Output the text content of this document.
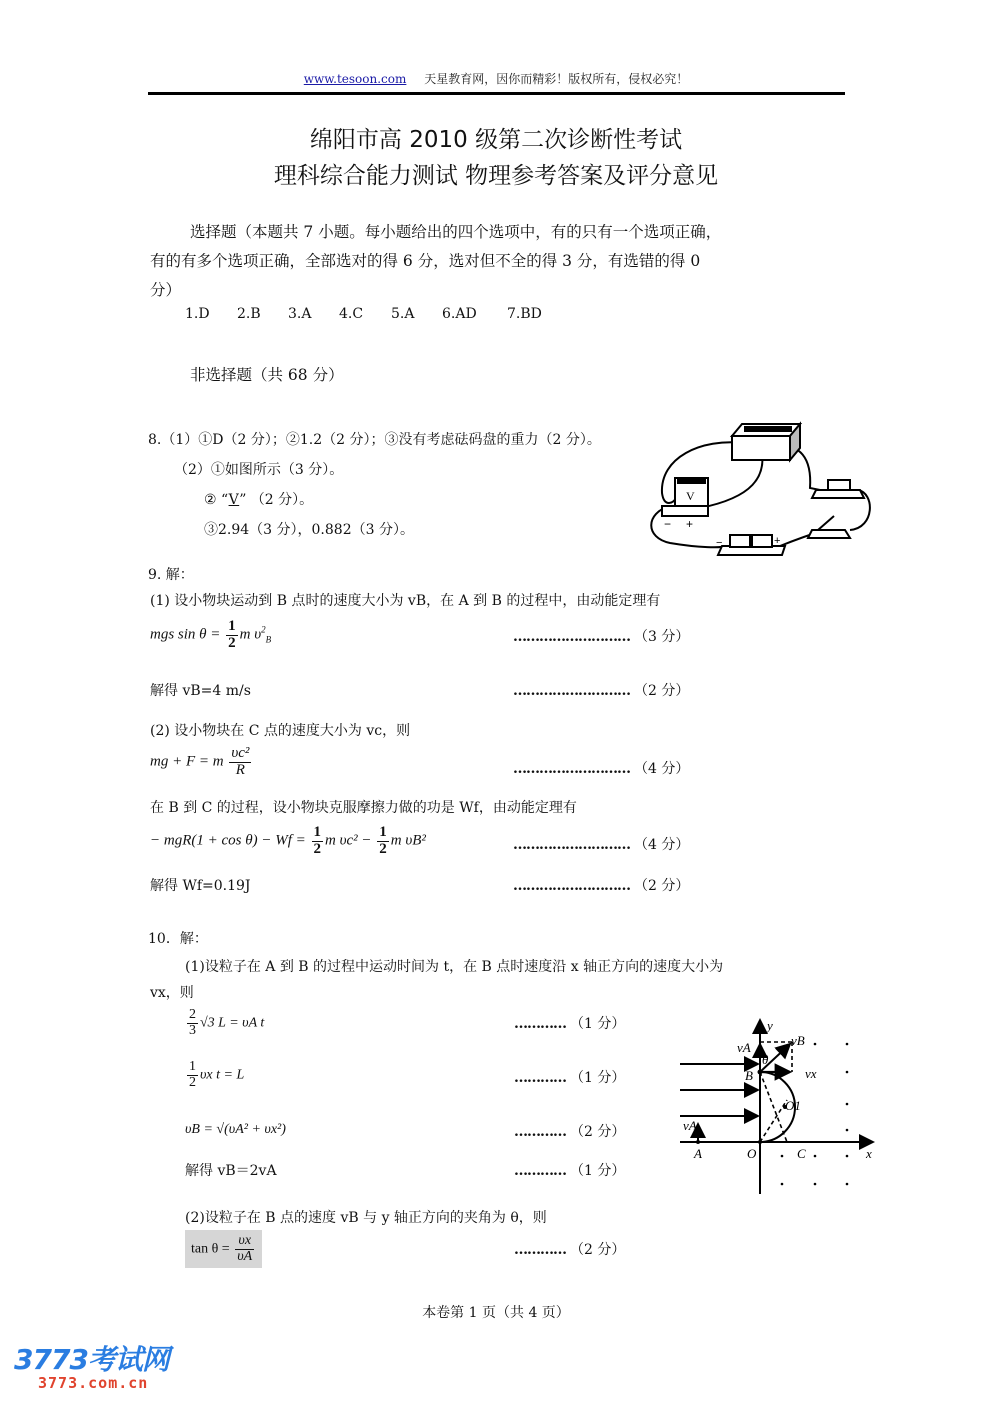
www.tesoon.com 天星教育网，因你而精彩！版权所有，侵权必究！
绵阳市高 2010 级第二次诊断性考试
理科综合能力测试 物理参考答案及评分意见
选择题（本题共 7 小题。每小题给出的四个选项中，有的只有一个选项正确，
有的有多个选项正确，全部选对的得 6 分，选对但不全的得 3 分，有选错的得 0
分）
1.D	2.B	3.A	4.C	5.A	6.AD	7.BD
非选择题（共 68 分）
8.（1）①D（2 分）；②1.2（2 分）；③没有考虑砝码盘的重力（2 分）。
（2）①如图所示（3 分）。
② “V” （2 分）。
③2.94（3 分），0.882（3 分）。
V
− +
−	+
9. 解：
(1) 设小物块运动到 B 点时的速度大小为 vB，在 A 到 B 的过程中，由动能定理有
mgs $\sin \theta = \frac{1}{2}$ m $\upsilon^2_B$	……………………… （3 分）
解得 vB=4 m/s	……………………… （2 分）
(2) 设小物块在 C 点的速度大小为 vc，则
mg + F = m $\frac{\text{υc²}}{R}$	……………………… （4 分）
在 B 到 C 的过程，设小物块克服摩擦力做的功是 Wf，由动能定理有
− $mgR(1 + \cos \theta) - Wf = \frac{1}{2}$ m $\upsilon c^2 - \frac{1}{2}$ m υB²	……………………… （4 分）
解得 Wf=0.19J	……………………… （2 分）
10．解：
(1)设粒子在 A 到 B 的过程中运动时间为 t，在 B 点时速度沿 x 轴正方向的速度大小为
vx，则
$\frac{2}{3} √3$ L = υA t	………… （1 分）
$\frac{1}{2}$ υx t = L	………… （1 分）
υB = √(υA² + υx²)	………… （2 分）
解得 vB＝2vA	………… （1 分）
(2)设粒子在 B 点的速度 vB 与 y 轴正方向的夹角为 θ，则
$\tan \theta = \frac{\upsilon x}{\upsilon A}$	………… （2 分）
y
x
vA	vB
θ
B	vx
O1
vA
A	O	C
本卷第 1 页（共 4 页）
3773考试网
3773.com.cn
